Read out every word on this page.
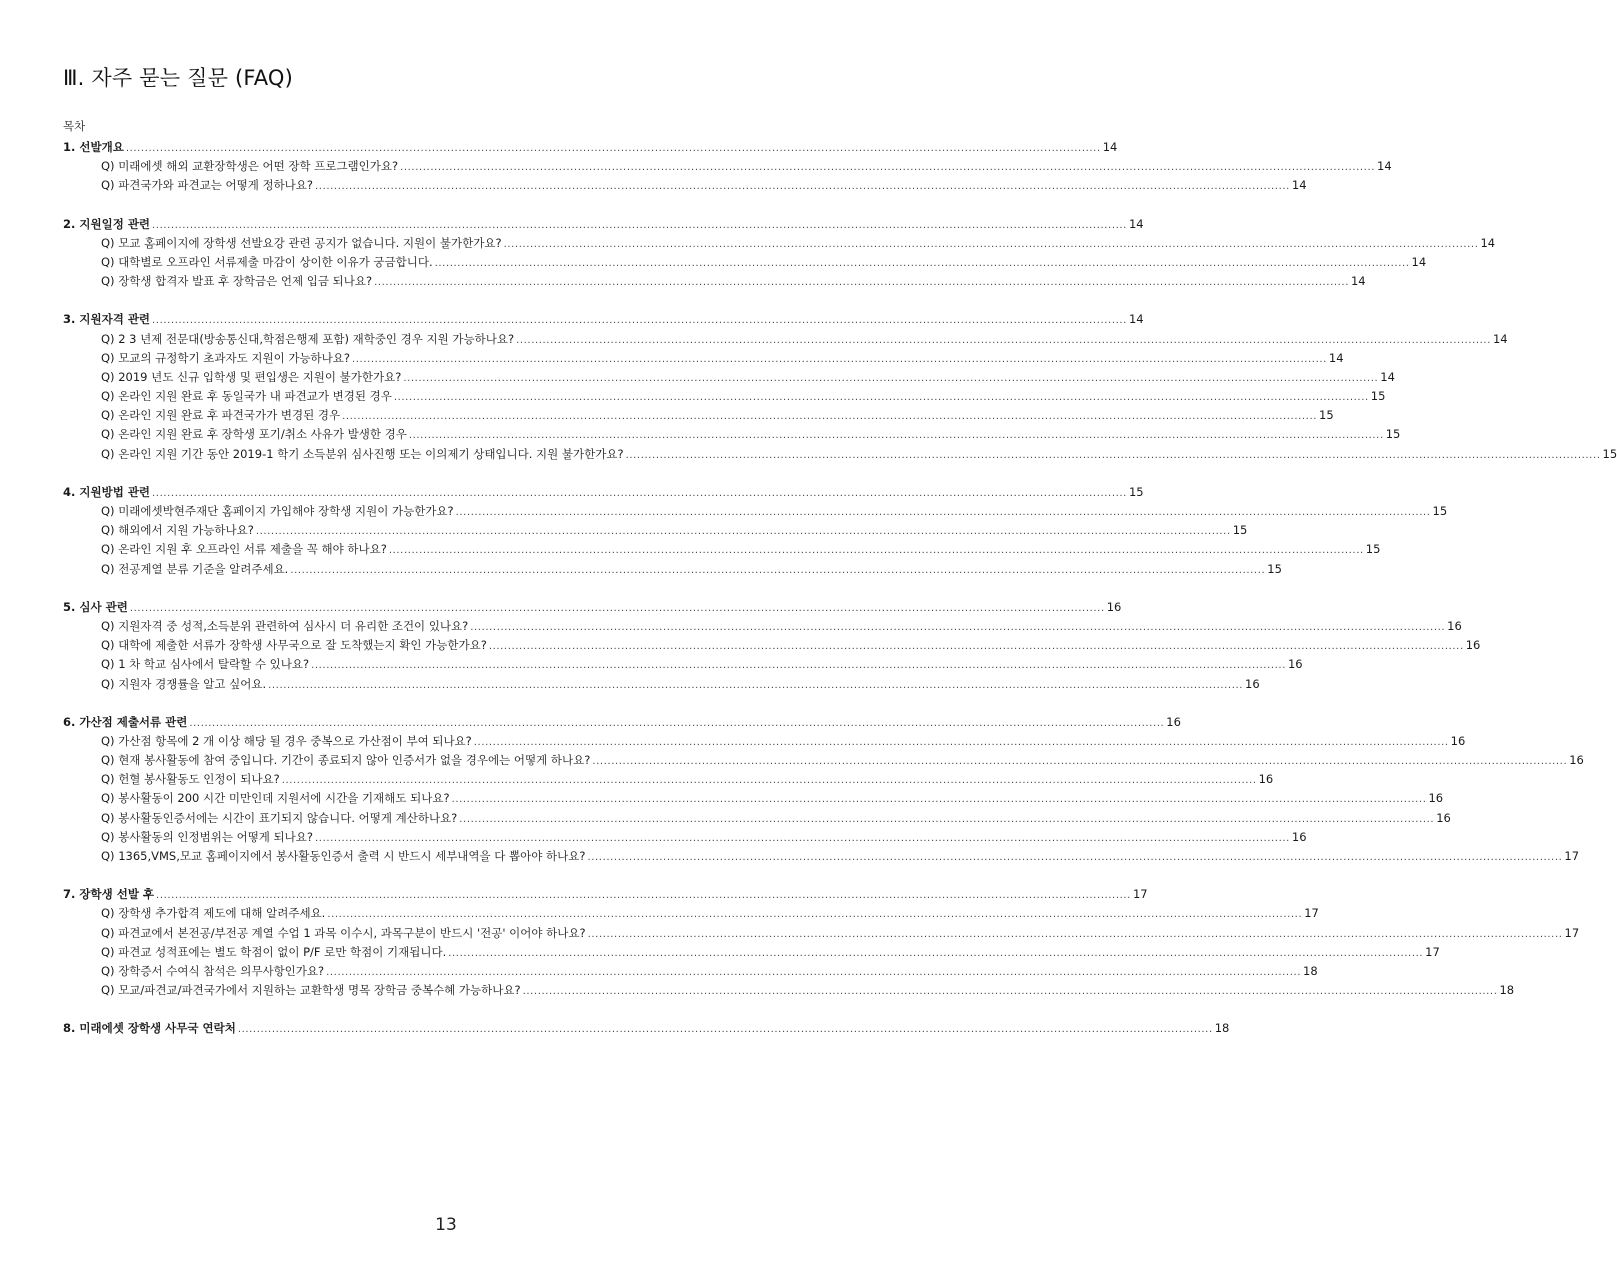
Ⅲ. 자주 묻는 질문 (FAQ)
목차
1. 선발개요 .....	14
Q) 미래에셋 해외 교환장학생은 어떤 장학 프로그램인가요? .....	14
Q) 파견국가와 파견교는 어떻게 정하나요? .....	14
2. 지원일정 관련 .....	14
Q) 모교 홈페이지에 장학생 선발요강 관련 공지가 없습니다. 지원이 불가한가요? .....	14
Q) 대학별로 오프라인 서류제출 마감이 상이한 이유가 궁금합니다. .....	14
Q) 장학생 합격자 발표 후 장학금은 언제 입금 되나요? .....	14
3. 지원자격 관련 .....	14
Q) 2 3 년제 전문대(방송통신대,학점은행제 포함) 재학중인 경우 지원 가능하나요? .....	14
Q) 모교의 규정학기 초과자도 지원이 가능하나요? .....	14
Q) 2019 년도 신규 입학생 및 편입생은 지원이 불가한가요? .....	14
Q) 온라인 지원 완료 후 동일국가 내 파견교가 변경된 경우 .....	15
Q) 온라인 지원 완료 후 파견국가가 변경된 경우 .....	15
Q) 온라인 지원 완료 후 장학생 포기/취소 사유가 발생한 경우 .....	15
Q) 온라인 지원 기간 동안 2019-1 학기 소득분위 심사진행 또는 이의제기 상태입니다. 지원 불가한가요? .....	15
4. 지원방법 관련 .....	15
Q) 미래에셋박현주재단 홈페이지 가입해야 장학생 지원이 가능한가요? .....	15
Q) 해외에서 지원 가능하나요? .....	15
Q) 온라인 지원 후 오프라인 서류 제출을 꼭 해야 하나요? .....	15
Q) 전공계열 분류 기준을 알려주세요. .....	15
5. 심사 관련 .....	16
Q) 지원자격 중 성적,소득분위 관련하여 심사시 더 유리한 조건이 있나요? .....	16
Q) 대학에 제출한 서류가 장학생 사무국으로 잘 도착했는지 확인 가능한가요? .....	16
Q) 1 차 학교 심사에서 탈락할 수 있나요? .....	16
Q) 지원자 경쟁률을 알고 싶어요. .....	16
6. 가산점 제출서류 관련 .....	16
Q) 가산점 항목에 2 개 이상 해당 될 경우 중복으로 가산점이 부여 되나요? .....	16
Q) 현재 봉사활동에 참여 중입니다. 기간이 종료되지 않아 인증서가 없을 경우에는 어떻게 하나요? .....	16
Q) 헌혈 봉사활동도 인정이 되나요? .....	16
Q) 봉사활동이 200 시간 미만인데 지원서에 시간을 기재해도 되나요? .....	16
Q) 봉사활동인증서에는 시간이 표기되지 않습니다. 어떻게 계산하나요? .....	16
Q) 봉사활동의 인정범위는 어떻게 되나요? .....	16
Q) 1365,VMS,모교 홈페이지에서 봉사활동인증서 출력 시 반드시 세부내역을 다 뽑아야 하나요? .....	17
7. 장학생 선발 후 .....	17
Q) 장학생 추가합격 제도에 대해 알려주세요. .....	17
Q) 파견교에서 본전공/부전공 계열 수업 1 과목 이수시, 과목구분이 반드시 '전공' 이어야 하나요? .....	17
Q) 파견교 성적표에는 별도 학점이 없이 P/F 로만 학점이 기재됩니다. .....	17
Q) 장학증서 수여식 참석은 의무사항인가요? .....	18
Q) 모교/파견교/파견국가에서 지원하는 교환학생 명목 장학금 중복수혜 가능하나요? .....	18
8. 미래에셋 장학생 사무국 연락처 .....	18
13
